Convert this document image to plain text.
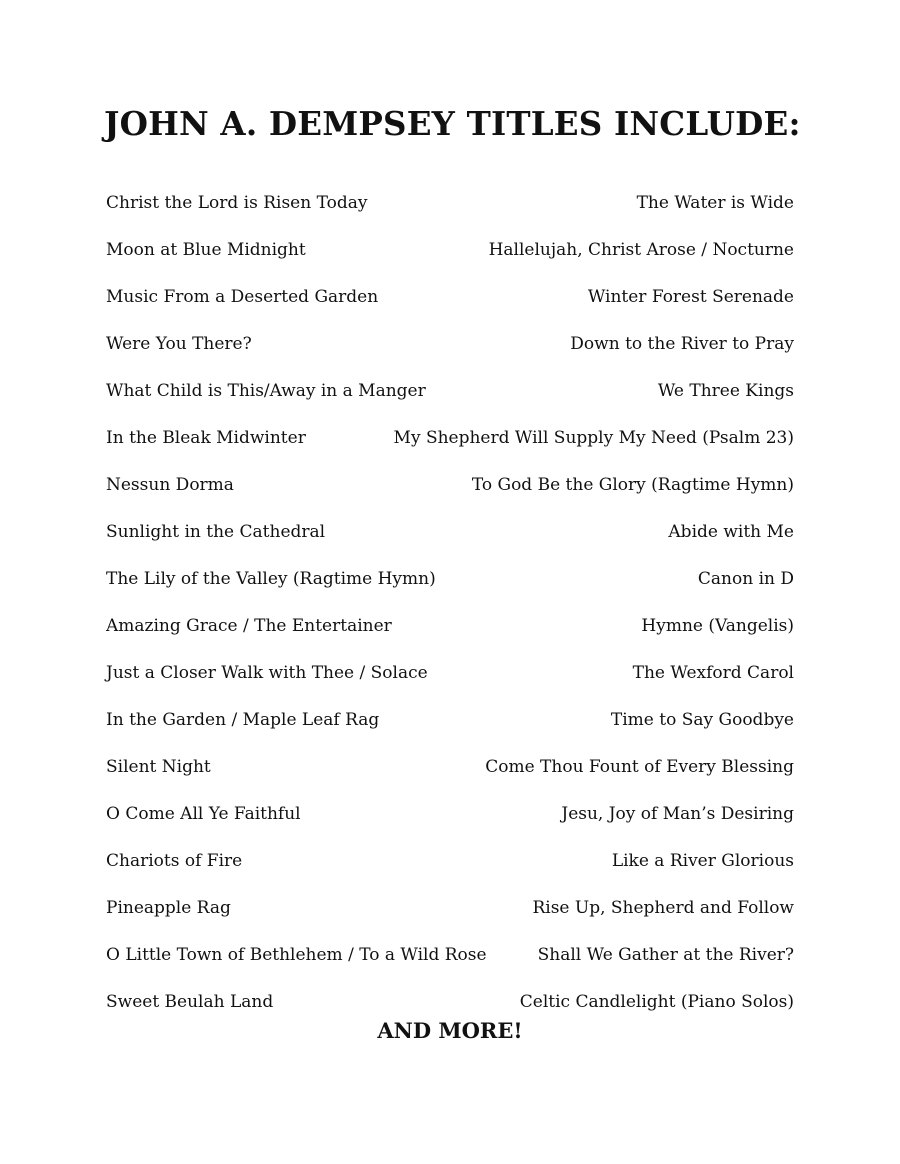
JOHN A. DEMPSEY TITLES INCLUDE:
Christ the Lord is Risen Today	The Water is Wide
Moon at Blue Midnight	Hallelujah, Christ Arose / Nocturne
Music From a Deserted Garden	Winter Forest Serenade
Were You There?	Down to the River to Pray
What Child is This/Away in a Manger	We Three Kings
In the Bleak Midwinter	My Shepherd Will Supply My Need (Psalm 23)
Nessun Dorma	To God Be the Glory (Ragtime Hymn)
Sunlight in the Cathedral	Abide with Me
The Lily of the Valley (Ragtime Hymn)	Canon in D
Amazing Grace / The Entertainer	Hymne (Vangelis)
Just a Closer Walk with Thee / Solace	The Wexford Carol
In the Garden / Maple Leaf Rag	Time to Say Goodbye
Silent Night	Come Thou Fount of Every Blessing
O Come All Ye Faithful	Jesu, Joy of Man’s Desiring
Chariots of Fire	Like a River Glorious
Pineapple Rag	Rise Up, Shepherd and Follow
O Little Town of Bethlehem / To a Wild Rose	Shall We Gather at the River?
Sweet Beulah Land	Celtic Candlelight (Piano Solos)

AND MORE!
